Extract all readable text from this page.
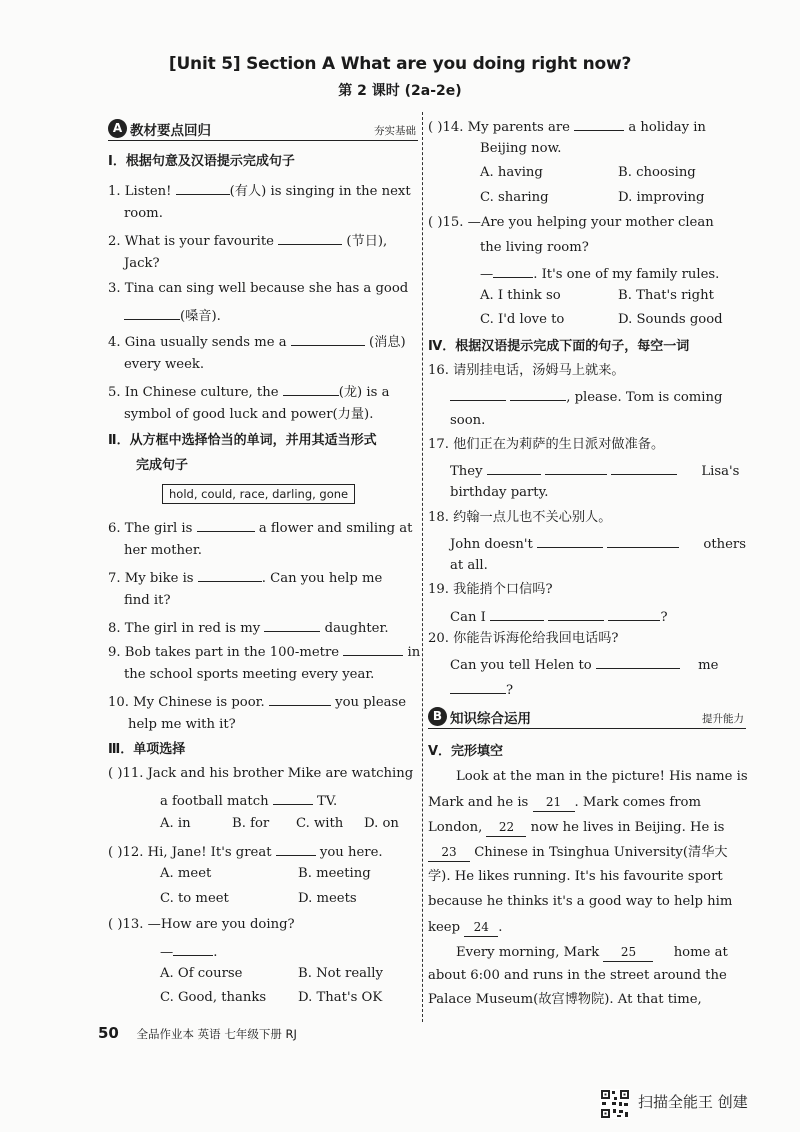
[Unit 5] Section A What are you doing right now?
第 2 课时 (2a-2e)
A 教材要点回归	夯实基础
Ⅰ．根据句意及汉语提示完成句子
1. Listen!	(有人) is singing in the next
room.
2. What is your favourite	(节日),
Jack?
3. Tina can sing well because she has a good
(嗓音).
4. Gina usually sends me a	(消息)
every week.
5. In Chinese culture, the	(龙) is a
symbol of good luck and power(力量).
Ⅱ．从方框中选择恰当的单词，并用其适当形式
完成句子
hold, could, race, darling, gone
6. The girl is	a flower and smiling at
her mother.
7. My bike is	. Can you help me
find it?
8. The girl in red is my	daughter.
9. Bob takes part in the 100-metre	in
the school sports meeting every year.
10. My Chinese is poor.	you please
help me with it?
Ⅲ．单项选择
( )11. Jack and his brother Mike are watching
a football match	TV.
A. in	B. for C. with D. on
( )12. Hi, Jane! It's great	you here.
A. meet	B. meeting
C. to meet	D. meets
( )13. —How are you doing?
—	.
A. Of course	B. Not really
C. Good, thanks D. That's OK
( )14. My parents are	a holiday in
Beijing now.
A. having	B. choosing
C. sharing	D. improving
( )15. —Are you helping your mother clean
the living room?
—	. It's one of my family rules.
A. I think so	B. That's right
C. I'd love to	D. Sounds good
Ⅳ．根据汉语提示完成下面的句子，每空一词
16. 请别挂电话，汤姆马上就来。
, please. Tom is coming
soon.
17. 他们正在为莉萨的生日派对做准备。
They	Lisa's
birthday party.
18. 约翰一点儿也不关心别人。
John doesn't	others
at all.
19. 我能捎个口信吗?
Can I	?
20. 你能告诉海伦给我回电话吗?
Can you tell Helen to	me
?
B 知识综合运用	提升能力
Ⅴ．完形填空
Look at the man in the picture! His name is
Mark and he is 21 . Mark comes from
London, 22 now he lives in Beijing. He is
23 Chinese in Tsinghua University(清华大
学). He likes running. It's his favourite sport
because he thinks it's a good way to help him
keep 24 .
Every morning, Mark 25	home at
about 6:00 and runs in the street around the
Palace Museum(故宫博物院). At that time,
50 全品作业本 英语 七年级下册 RJ
扫描全能王 创建
